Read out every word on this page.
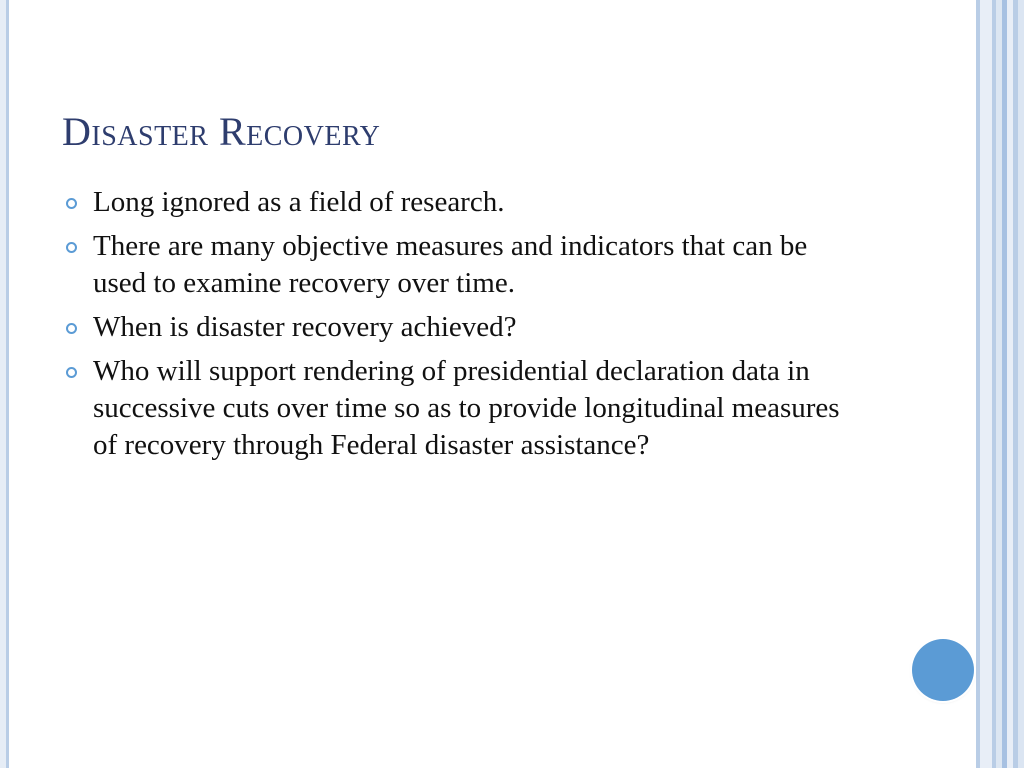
Disaster Recovery
Long ignored as a field of research.
There are many objective measures and indicators that can be used to examine recovery over time.
When is disaster recovery achieved?
Who will support rendering of presidential declaration data in successive cuts over time so as to provide longitudinal measures of recovery through Federal disaster assistance?
